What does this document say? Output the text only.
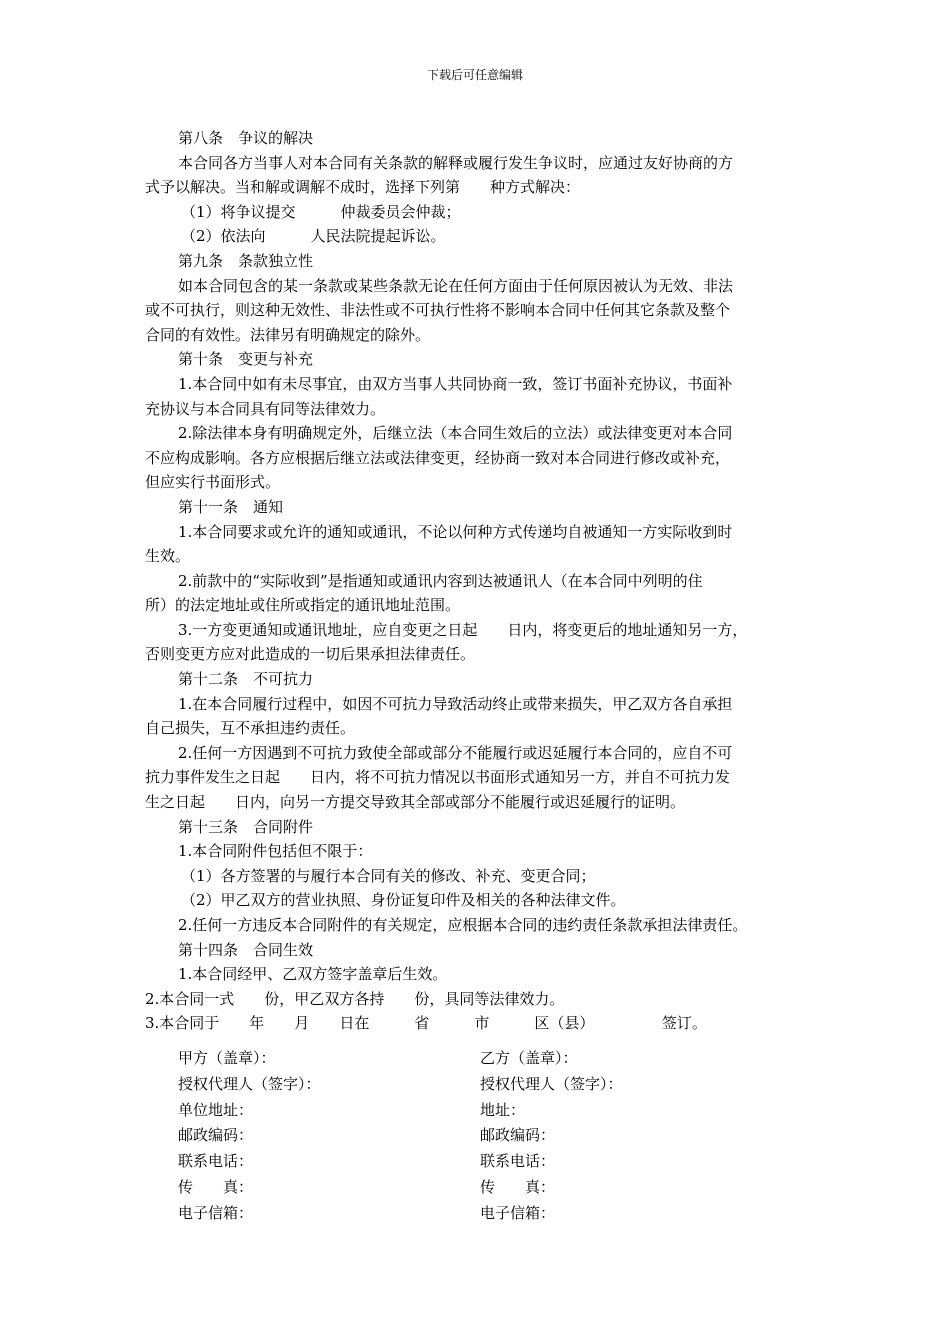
下载后可任意编辑
第八条　争议的解决
本合同各方当事人对本合同有关条款的解释或履行发生争议时，应通过友好协商的方
式予以解决。当和解或调解不成时，选择下列第　　种方式解决：
（1）将争议提交　　　仲裁委员会仲裁；
（2）依法向　　　人民法院提起诉讼。
第九条　条款独立性
如本合同包含的某一条款或某些条款无论在任何方面由于任何原因被认为无效、非法
或不可执行，则这种无效性、非法性或不可执行性将不影响本合同中任何其它条款及整个
合同的有效性。法律另有明确规定的除外。
第十条　变更与补充
1.本合同中如有未尽事宜，由双方当事人共同协商一致，签订书面补充协议，书面补
充协议与本合同具有同等法律效力。
2.除法律本身有明确规定外，后继立法（本合同生效后的立法）或法律变更对本合同
不应构成影响。各方应根据后继立法或法律变更，经协商一致对本合同进行修改或补充，
但应实行书面形式。
第十一条　通知
1.本合同要求或允许的通知或通讯，不论以何种方式传递均自被通知一方实际收到时
生效。
2.前款中的“实际收到”是指通知或通讯内容到达被通讯人（在本合同中列明的住
所）的法定地址或住所或指定的通讯地址范围。
3.一方变更通知或通讯地址，应自变更之日起　　日内，将变更后的地址通知另一方，
否则变更方应对此造成的一切后果承担法律责任。
第十二条　不可抗力
1.在本合同履行过程中，如因不可抗力导致活动终止或带来损失，甲乙双方各自承担
自己损失，互不承担违约责任。
2.任何一方因遇到不可抗力致使全部或部分不能履行或迟延履行本合同的，应自不可
抗力事件发生之日起　　日内，将不可抗力情况以书面形式通知另一方，并自不可抗力发
生之日起　　日内，向另一方提交导致其全部或部分不能履行或迟延履行的证明。
第十三条　合同附件
1.本合同附件包括但不限于：
（1）各方签署的与履行本合同有关的修改、补充、变更合同；
（2）甲乙双方的营业执照、身份证复印件及相关的各种法律文件。
2.任何一方违反本合同附件的有关规定，应根据本合同的违约责任条款承担法律责任。
第十四条　合同生效
1.本合同经甲、乙双方签字盖章后生效。
2.本合同一式　　份，甲乙双方各持　　份，具同等法律效力。
3.本合同于　　年　　月　　日在　　　省　　　市　　　区（县）　　　　　签订。
甲方（盖章）：	乙方（盖章）：
授权代理人（签字）：	授权代理人（签字）：
单位地址：	地址：
邮政编码：	邮政编码：
联系电话：	联系电话：
传　　真：	传　　真：
电子信箱：	电子信箱：
